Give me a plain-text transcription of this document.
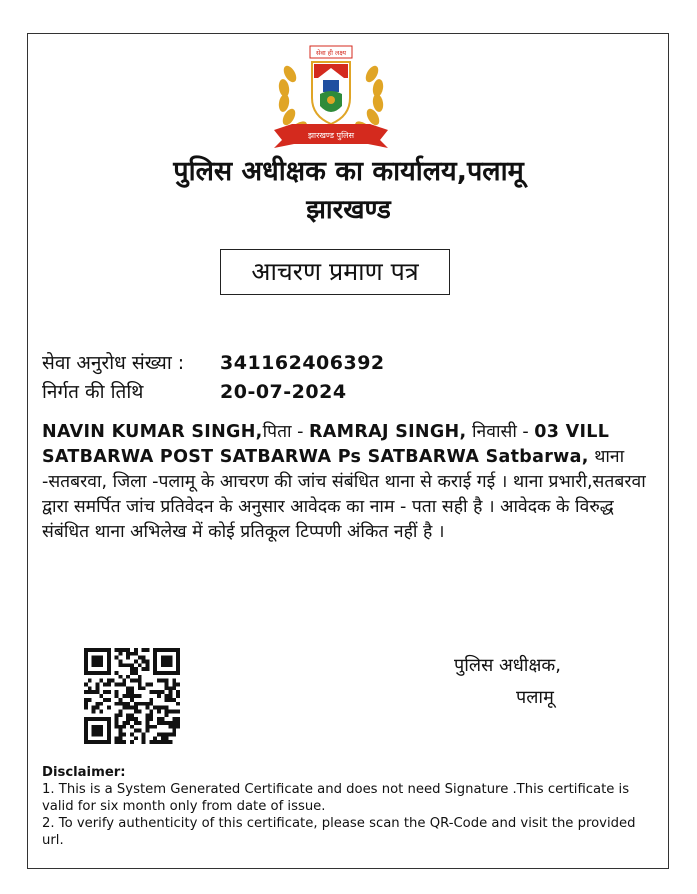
सेवा ही लक्ष्य
झारखण्ड पुलिस
पुलिस अधीक्षक का कार्यालय,पलामू
झारखण्ड
आचरण प्रमाण पत्र
सेवा अनुरोध संख्या : 341162406392
निर्गत की तिथि	20-07-2024
NAVIN KUMAR SINGH,पिता - RAMRAJ SINGH, निवासी - 03 VILL SATBARWA POST SATBARWA Ps SATBARWA Satbarwa, थाना -सतबरवा, जिला -पलामू के आचरण की जांच संबंधित थाना से कराई गई । थाना प्रभारी,सतबरवा द्वारा समर्पित जांच प्रतिवेदन के अनुसार आवेदक का नाम - पता सही है । आवेदक के विरुद्ध संबंधित थाना अभिलेख में कोई प्रतिकूल टिप्पणी अंकित नहीं है ।
पुलिस अधीक्षक,
पलामू
Disclaimer:
1. This is a System Generated Certificate and does not need Signature .This certificate is valid for six month only from date of issue.
2. To verify authenticity of this certificate, please scan the QR-Code and visit the provided url.
